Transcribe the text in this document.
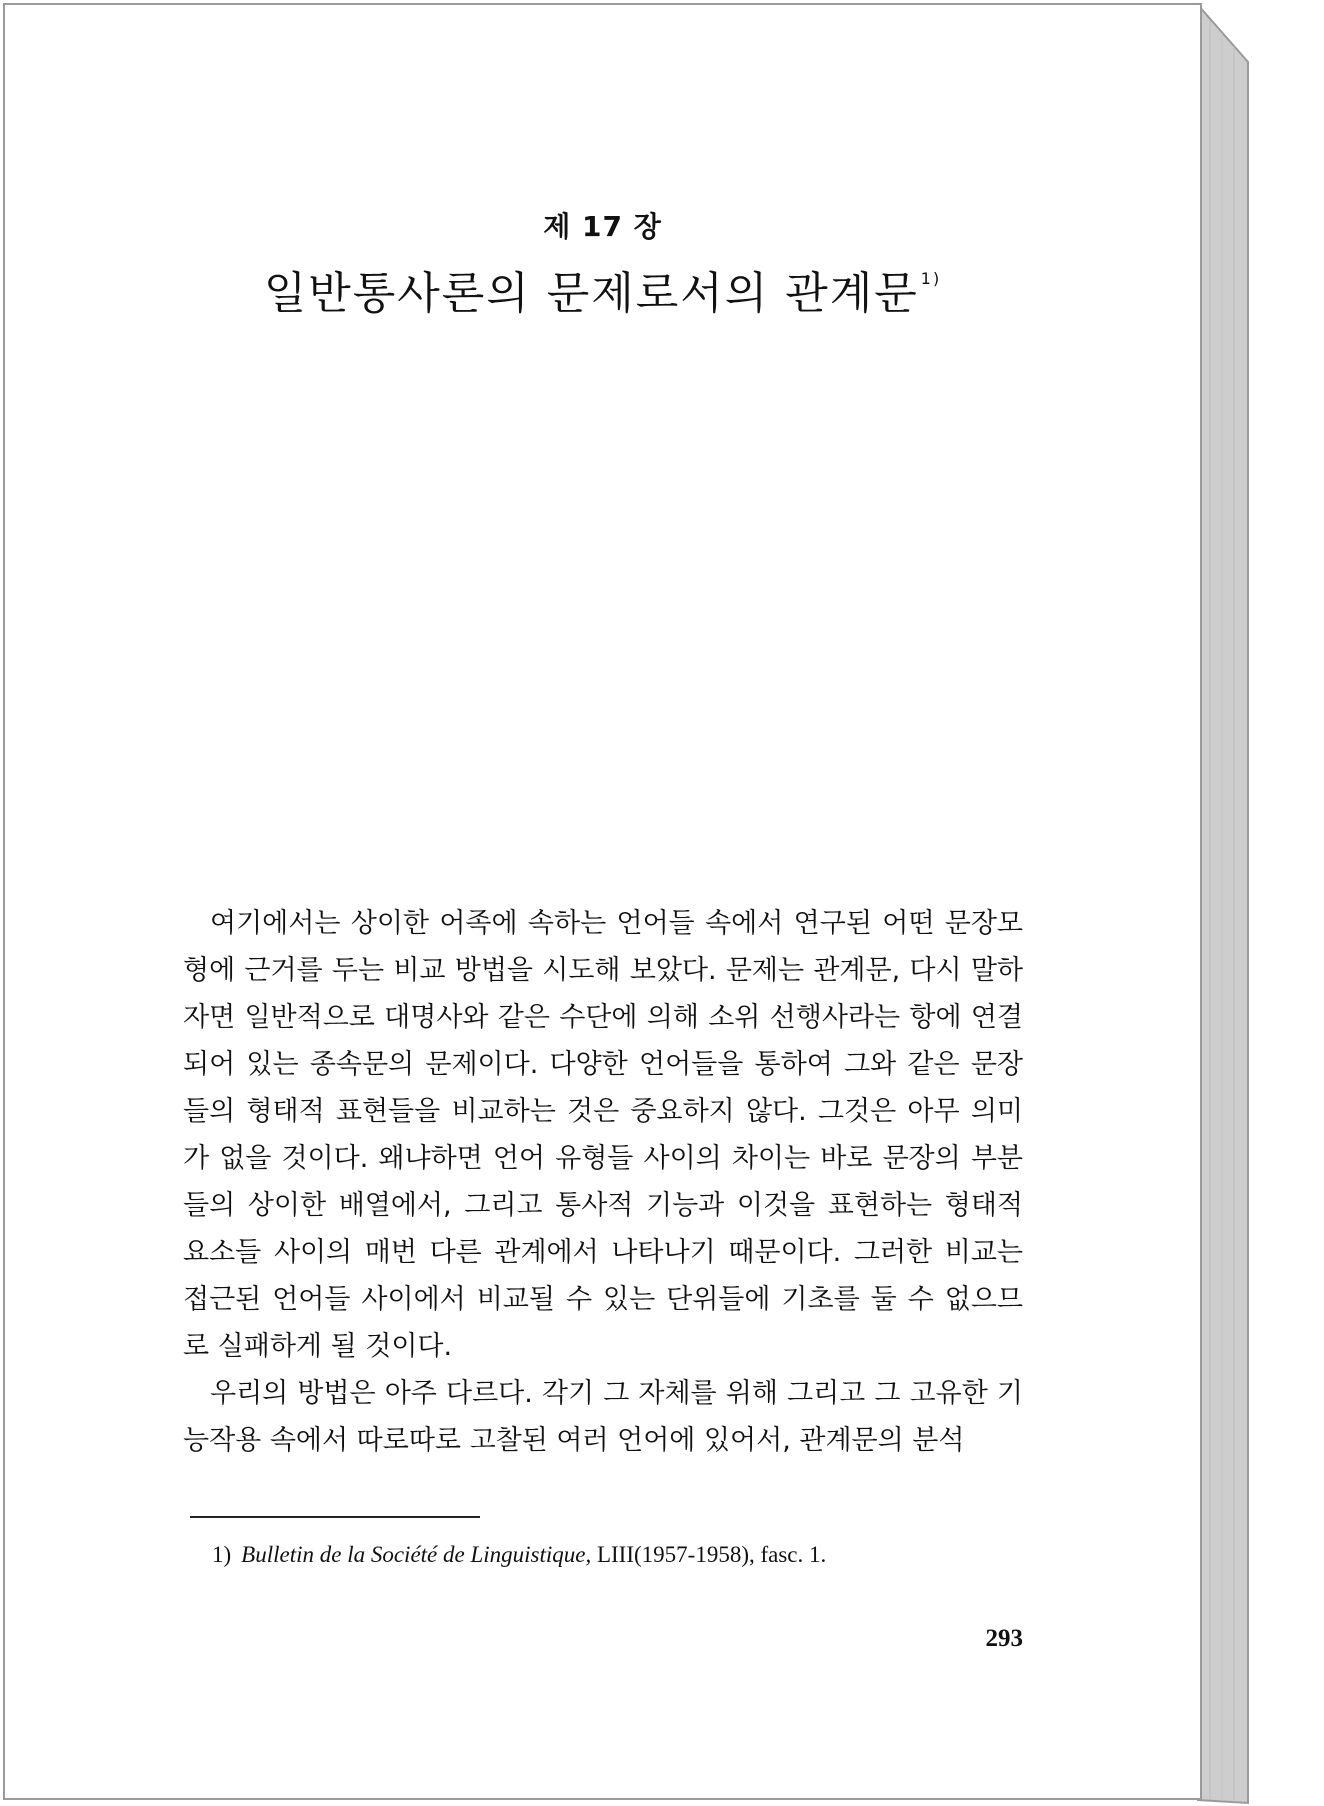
제 17 장
일반통사론의 문제로서의 관계문 $^{1)}$

여기에서는 상이한 어족에 속하는 언어들 속에서 연구된 어떤 문장모형에 근거를 두는 비교 방법을 시도해 보았다. 문제는 관계문, 다시 말하자면 일반적으로 대명사와 같은 수단에 의해 소위 선행사라는 항에 연결되어 있는 종속문의 문제이다. 다양한 언어들을 통하여 그와 같은 문장들의 형태적 표현들을 비교하는 것은 중요하지 않다. 그것은 아무 의미가 없을 것이다. 왜냐하면 언어 유형들 사이의 차이는 바로 문장의 부분들의 상이한 배열에서, 그리고 통사적 기능과 이것을 표현하는 형태적 요소들 사이의 매번 다른 관계에서 나타나기 때문이다. 그러한 비교는 접근된 언어들 사이에서 비교될 수 있는 단위들에 기초를 둘 수 없으므로 실패하게 될 것이다.

우리의 방법은 아주 다르다. 각기 그 자체를 위해 그리고 그 고유한 기능작용 속에서 따로따로 고찰된 여러 언어에 있어서, 관계문의 분석

1) Bulletin de la Société de Linguistique, LIII(1957-1958), fasc. 1.
293
